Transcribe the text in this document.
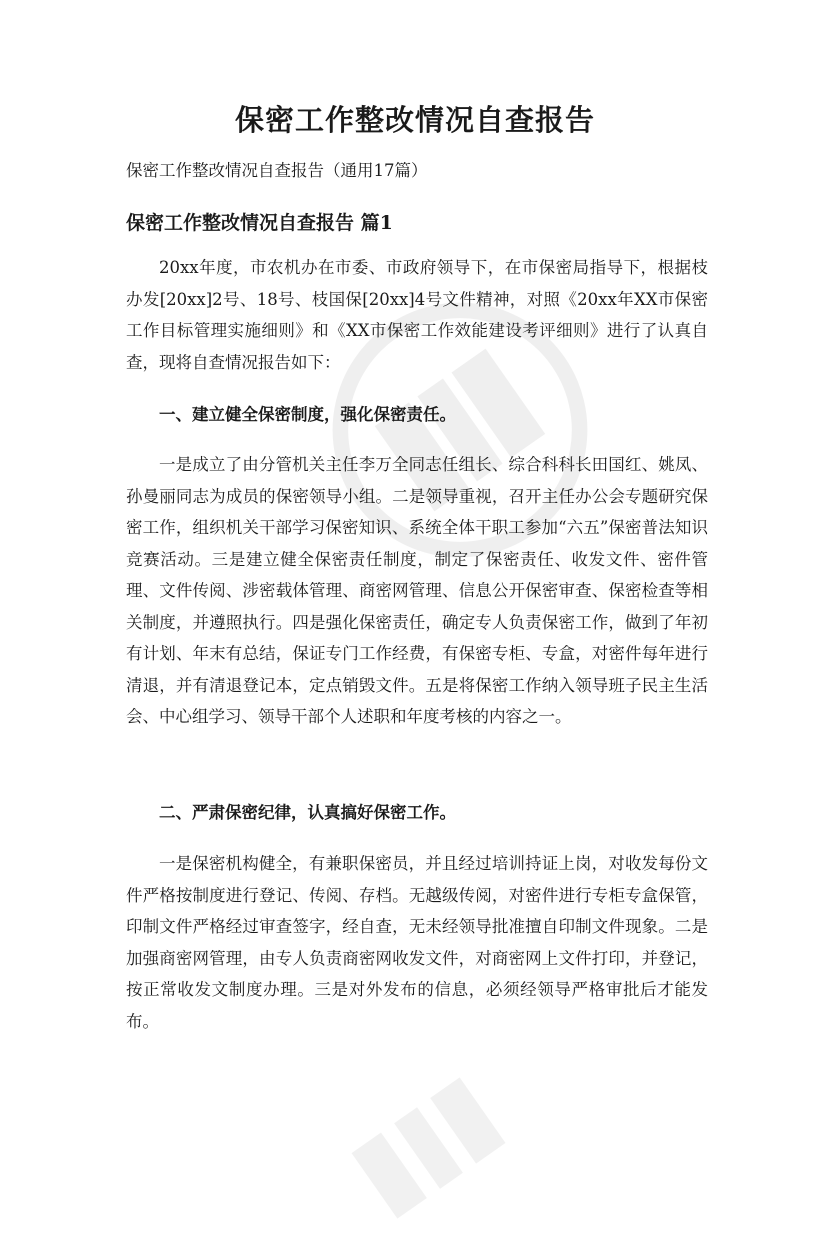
保密工作整改情况自查报告

保密工作整改情况自查报告（通用17篇）

保密工作整改情况自查报告 篇1

20xx年度，市农机办在市委、市政府领导下，在市保密局指导下，根据枝办发[20xx]2号、18号、枝国保[20xx]4号文件精神，对照《20xx年XX市保密工作目标管理实施细则》和《XX市保密工作效能建设考评细则》进行了认真自查，现将自查情况报告如下：

一、建立健全保密制度，强化保密责任。

一是成立了由分管机关主任李万全同志任组长、综合科科长田国红、姚凤、孙曼丽同志为成员的保密领导小组。二是领导重视，召开主任办公会专题研究保密工作，组织机关干部学习保密知识、系统全体干职工参加“六五”保密普法知识竞赛活动。三是建立健全保密责任制度，制定了保密责任、收发文件、密件管理、文件传阅、涉密载体管理、商密网管理、信息公开保密审查、保密检查等相关制度，并遵照执行。四是强化保密责任，确定专人负责保密工作，做到了年初有计划、年末有总结，保证专门工作经费，有保密专柜、专盒，对密件每年进行清退，并有清退登记本，定点销毁文件。五是将保密工作纳入领导班子民主生活会、中心组学习、领导干部个人述职和年度考核的内容之一。

二、严肃保密纪律，认真搞好保密工作。

一是保密机构健全，有兼职保密员，并且经过培训持证上岗，对收发每份文件严格按制度进行登记、传阅、存档。无越级传阅，对密件进行专柜专盒保管，印制文件严格经过审查签字，经自查，无未经领导批准擅自印制文件现象。二是加强商密网管理，由专人负责商密网收发文件，对商密网上文件打印，并登记，按正常收发文制度办理。三是对外发布的信息，必须经领导严格审批后才能发布。
